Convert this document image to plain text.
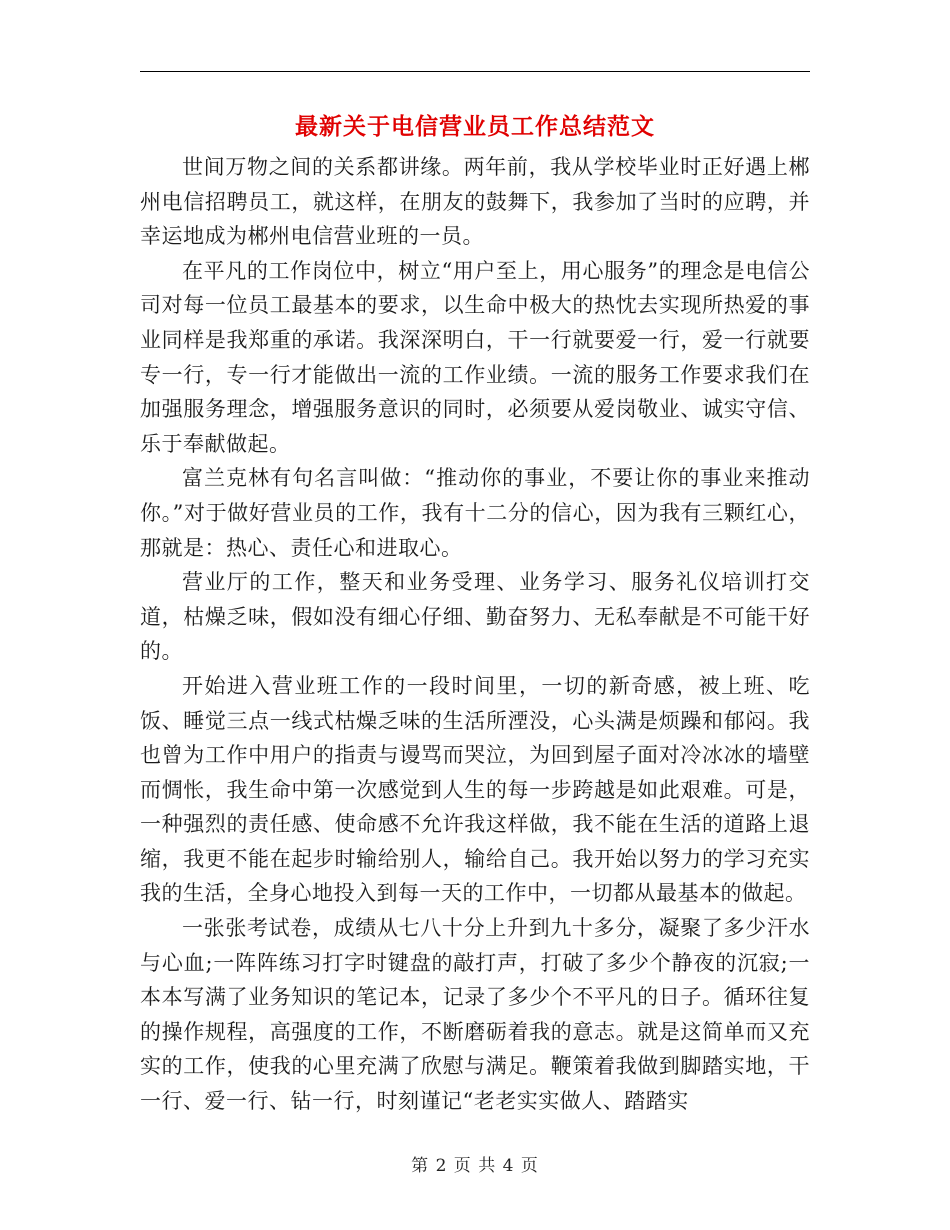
最新关于电信营业员工作总结范文

世间万物之间的关系都讲缘。两年前，我从学校毕业时正好遇上郴州电信招聘员工，就这样，在朋友的鼓舞下，我参加了当时的应聘，并幸运地成为郴州电信营业班的一员。

在平凡的工作岗位中，树立“用户至上，用心服务”的理念是电信公司对每一位员工最基本的要求，以生命中极大的热忱去实现所热爱的事业同样是我郑重的承诺。我深深明白，干一行就要爱一行，爱一行就要专一行，专一行才能做出一流的工作业绩。一流的服务工作要求我们在加强服务理念，增强服务意识的同时，必须要从爱岗敬业、诚实守信、乐于奉献做起。

富兰克林有句名言叫做：“推动你的事业，不要让你的事业来推动你。”对于做好营业员的工作，我有十二分的信心，因为我有三颗红心，那就是：热心、责任心和进取心。

营业厅的工作，整天和业务受理、业务学习、服务礼仪培训打交道，枯燥乏味，假如没有细心仔细、勤奋努力、无私奉献是不可能干好的。

开始进入营业班工作的一段时间里，一切的新奇感，被上班、吃饭、睡觉三点一线式枯燥乏味的生活所湮没，心头满是烦躁和郁闷。我也曾为工作中用户的指责与谩骂而哭泣，为回到屋子面对冷冰冰的墙壁而惆怅，我生命中第一次感觉到人生的每一步跨越是如此艰难。可是，一种强烈的责任感、使命感不允许我这样做，我不能在生活的道路上退缩，我更不能在起步时输给别人，输给自己。我开始以努力的学习充实我的生活，全身心地投入到每一天的工作中，一切都从最基本的做起。

一张张考试卷，成绩从七八十分上升到九十多分，凝聚了多少汗水与心血;一阵阵练习打字时键盘的敲打声，打破了多少个静夜的沉寂;一本本写满了业务知识的笔记本，记录了多少个不平凡的日子。循环往复的操作规程，高强度的工作，不断磨砺着我的意志。就是这简单而又充实的工作，使我的心里充满了欣慰与满足。鞭策着我做到脚踏实地，干一行、爱一行、钻一行，时刻谨记“老老实实做人、踏踏实

第 2 页 共 4 页
